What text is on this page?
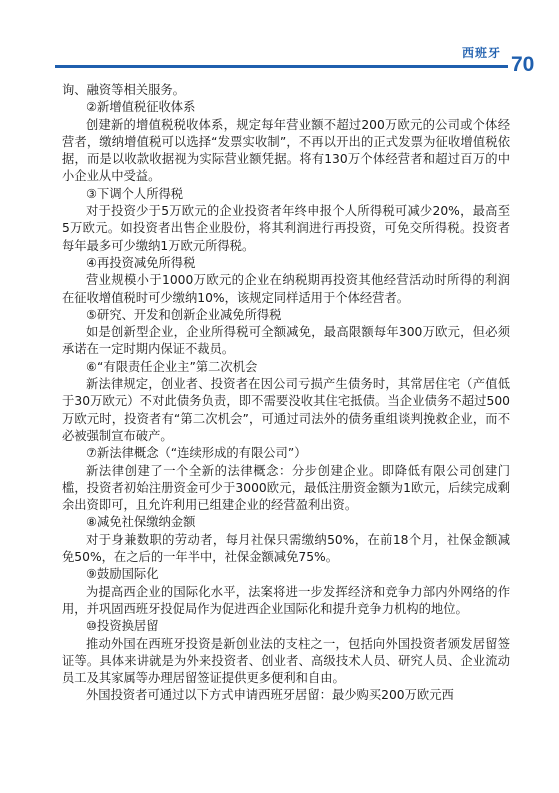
西班牙 70

询、融资等相关服务。

②新增值税征收体系

创建新的增值税税收体系，规定每年营业额不超过200万欧元的公司或个体经营者，缴纳增值税可以选择“发票实收制”，不再以开出的正式发票为征收增值税依据，而是以收款收据视为实际营业额凭据。将有130万个体经营者和超过百万的中小企业从中受益。

③下调个人所得税

对于投资少于5万欧元的企业投资者年终申报个人所得税可减少20%，最高至5万欧元。如投资者出售企业股份，将其利润进行再投资，可免交所得税。投资者每年最多可少缴纳1万欧元所得税。

④再投资减免所得税

营业规模小于1000万欧元的企业在纳税期再投资其他经营活动时所得的利润在征收增值税时可少缴纳10%，该规定同样适用于个体经营者。

⑤研究、开发和创新企业减免所得税

如是创新型企业，企业所得税可全额减免，最高限额每年300万欧元，但必须承诺在一定时期内保证不裁员。

⑥“有限责任企业主”第二次机会

新法律规定，创业者、投资者在因公司亏损产生债务时，其常居住宅（产值低于30万欧元）不对此债务负责，即不需要没收其住宅抵债。当企业债务不超过500万欧元时，投资者有“第二次机会”，可通过司法外的债务重组谈判挽救企业，而不必被强制宣布破产。

⑦新法律概念（“连续形成的有限公司”）

新法律创建了一个全新的法律概念：分步创建企业。即降低有限公司创建门槛，投资者初始注册资金可少于3000欧元，最低注册资金额为1欧元，后续完成剩余出资即可，且允许利用已组建企业的经营盈利出资。

⑧减免社保缴纳金额

对于身兼数职的劳动者，每月社保只需缴纳50%，在前18个月，社保金额减免50%，在之后的一年半中，社保金额减免75%。

⑨鼓励国际化

为提高西企业的国际化水平，法案将进一步发挥经济和竞争力部内外网络的作用，并巩固西班牙投促局作为促进西企业国际化和提升竞争力机构的地位。

⑩投资换居留

推动外国在西班牙投资是新创业法的支柱之一，包括向外国投资者颁发居留签证等。具体来讲就是为外来投资者、创业者、高级技术人员、研究人员、企业流动员工及其家属等办理居留签证提供更多便利和自由。

外国投资者可通过以下方式申请西班牙居留：最少购买200万欧元西
